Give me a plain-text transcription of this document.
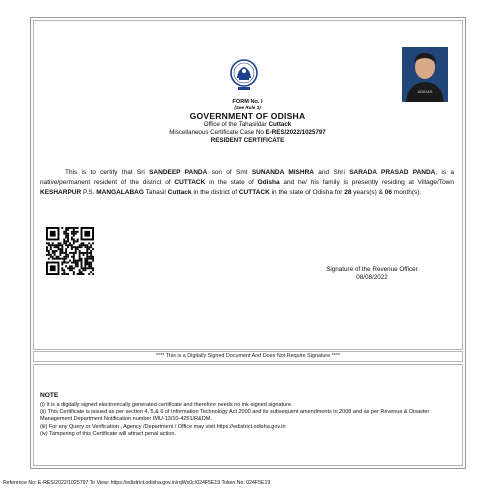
ADIDAS
FORM No. I
(See Rule 3)
GOVERNMENT OF ODISHA
Office of the Tahasildar Cuttack
Miscellaneous Certificate Case No E-RES/2022/1025797
RESIDENT CERTIFICATE
This is to certify that Sri SANDEEP PANDA son of Smt SUNANDA MISHRA and Shri SARADA PRASAD PANDA, is a native/permanent resident of the district of CUTTACK in the state of Odisha and he/ his family is presently residing at Village/Town KESHARPUR P.S. MANGALABAG Tahasil Cuttack in the district of CUTTACK in the state of Odisha for 28 years(s) & 06 month(s).
Signature of the Revenue Officer
08/08/2022
**** This is a Digitally Signed Document And Does Not Require Signature ****
NOTE
(i) It is a digitally signed electronically generated certificate and therefore needs no ink-signed signature.
(ii) This Certificate is issued as per section 4, 5,& 6 of Information Technology Act 2000 and its subsequent amendments in 2008 and as per Revenue & Disaster Management Department Notification number IMU-13/10-4251/R&DM.
(iii) For any Query or Verification , Agency /Department / Office may visit https://edistrict.odisha.gov.in
(iv) Tampering of this Certificate will attract penal action.
Reference No: E-RES/2022/1025797 To View: https://edistrict.odisha.gov.in/rqWs0c/024F5E19 Token No: 024F5E19
